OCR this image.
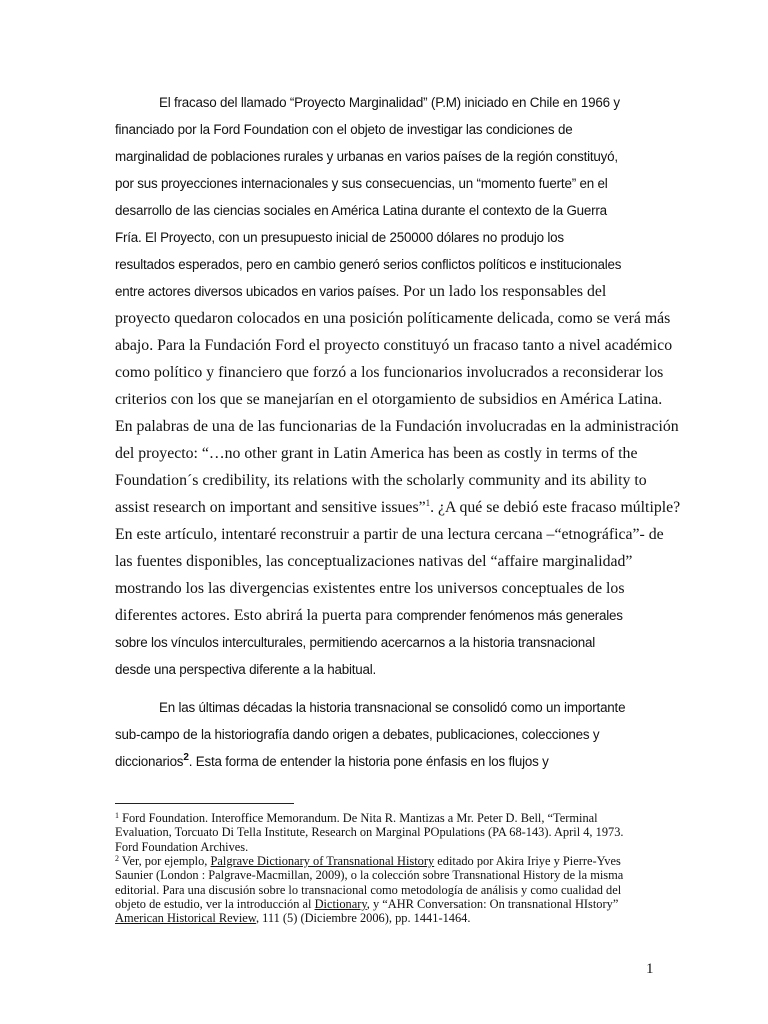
El fracaso del llamado “Proyecto Marginalidad” (P.M) iniciado en Chile en 1966 y
financiado por la Ford Foundation con el objeto de investigar las condiciones de
marginalidad de poblaciones rurales y urbanas en varios países de la región constituyó,
por sus proyecciones internacionales y sus consecuencias, un “momento fuerte” en el
desarrollo de las ciencias sociales en América Latina durante el contexto de la Guerra
Fría. El Proyecto, con un presupuesto inicial de 250000 dólares no produjo los
resultados esperados, pero en cambio generó serios conflictos políticos e institucionales
entre actores diversos ubicados en varios países. Por un lado los responsables del
proyecto quedaron colocados en una posición políticamente delicada, como se verá más
abajo. Para la Fundación Ford el proyecto constituyó un fracaso tanto a nivel académico
como político y financiero que forzó a los funcionarios involucrados a reconsiderar los
criterios con los que se manejarían en el otorgamiento de subsidios en América Latina.
En palabras de una de las funcionarias de la Fundación involucradas en la administración
del proyecto: “…no other grant in Latin America has been as costly in terms of the
Foundation´s credibility, its relations with the scholarly community and its ability to
assist research on important and sensitive issues”$^1$. ¿A qué se debió este fracaso múltiple?
En este artículo, intentaré reconstruir a partir de una lectura cercana –“etnográfica”- de
las fuentes disponibles, las conceptualizaciones nativas del “affaire marginalidad”
mostrando los las divergencias existentes entre los universos conceptuales de los
diferentes actores. Esto abrirá la puerta para comprender fenómenos más generales
sobre los vínculos interculturales, permitiendo acercarnos a la historia transnacional
desde una perspectiva diferente a la habitual.
En las últimas décadas la historia transnacional se consolidó como un importante
sub-campo de la historiografía dando origen a debates, publicaciones, colecciones y
diccionarios$^2$. Esta forma de entender la historia pone énfasis en los flujos y
$^1$ Ford Foundation. Interoffice Memorandum. De Nita R. Mantizas a Mr. Peter D. Bell, “Terminal
Evaluation, Torcuato Di Tella Institute, Research on Marginal POpulations (PA 68-143). April 4, 1973.
Ford Foundation Archives.
$^2$ Ver, por ejemplo, Palgrave Dictionary of Transnational History editado por Akira Iriye y Pierre-Yves
Saunier (London : Palgrave-Macmillan, 2009), o la colección sobre Transnational History de la misma
editorial. Para una discusión sobre lo transnacional como metodología de análisis y como cualidad del
objeto de estudio, ver la introducción al Dictionary, y “AHR Conversation: On transnational HIstory”
American Historical Review, 111 (5) (Diciembre 2006), pp. 1441-1464.
1
